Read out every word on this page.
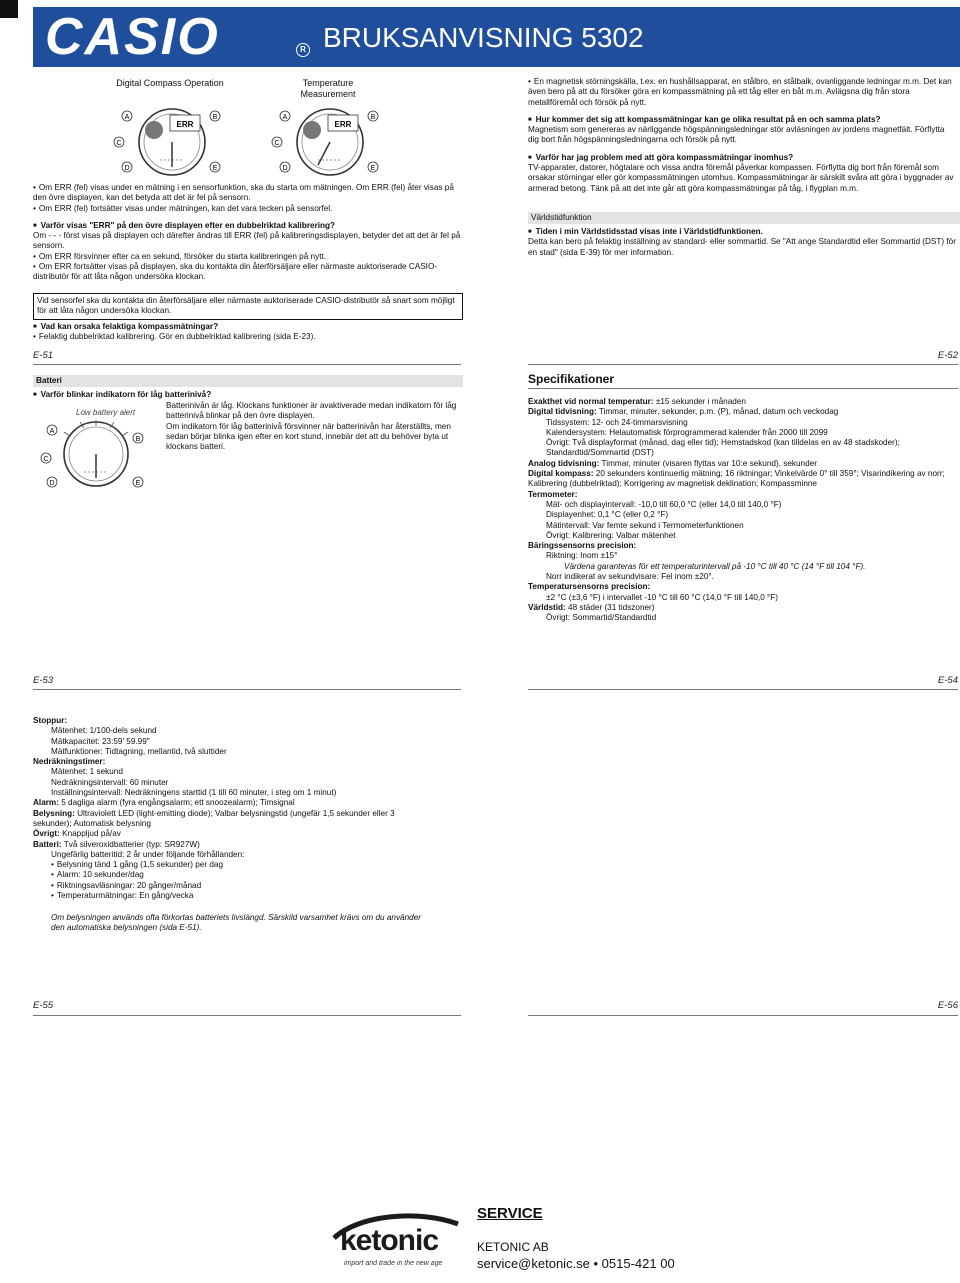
CASIO	R BRUKSANVISNING 5302
Digital Compass Operation	Temperature Measurement
ERR
A	B
C
D	E
ERR
A	B
C
D	E

• Om ERR (fel) visas under en mätning i en sensorfunktion, ska du starta om mätningen. Om ERR (fel) åter visas på den övre displayen, kan det betyda att det är fel på sensorn.

• Om ERR (fel) fortsätter visas under mätningen, kan det vara tecken på sensorfel.

■ Varför visas "ERR" på den övre displayen efter en dubbelriktad kalibrering?

Om - - - först visas på displayen och därefter ändras till ERR (fel) på kalibreringsdisplayen, betyder det att det är fel på sensorn.

• Om ERR försvinner efter ca en sekund, försöker du starta kalibreringen på nytt.

• Om ERR fortsätter visas på displayen, ska du kontakta din återförsäljare eller närmaste auktoriserade CASIO-distributör för att låta någon undersöka klockan.

Vid sensorfel ska du kontakta din återförsäljare eller närmaste auktoriserade CASIO-distributör så snart som möjligt för att låta någon undersöka klockan.

■ Vad kan orsaka felaktiga kompassmätningar?

• Felaktig dubbelriktad kalibrering. Gör en dubbelriktad kalibrering (sida E-23).

E-51

• En magnetisk störningskälla, t.ex. en hushållsapparat, en stålbro, en stålbalk, ovanliggande ledningar m.m. Det kan även bero på att du försöker göra en kompassmätning på ett tåg eller en båt m.m. Avlägsna dig från stora metallföremål och försök på nytt.

■ Hur kommer det sig att kompassmätningar kan ge olika resultat på en och samma plats?

Magnetism som genereras av närliggande högspänningsledningar stör avläsningen av jordens magnetfält. Förflytta dig bort från högspänningsledningarna och försök på nytt.

■ Varför har jag problem med att göra kompassmätningar inomhus?

TV-apparater, datorer, högtalare och vissa andra föremål påverkar kompassen. Förflytta dig bort från föremål som orsakar störningar eller gör kompassmätningen utomhus. Kompassmätningar är särskilt svåra att göra i byggnader av armerad betong. Tänk på att det inte går att göra kompassmätningar på tåg, i flygplan m.m.

Världstidfunktion

■ Tiden i min Världstidsstad visas inte i Världstidfunktionen.

Detta kan bero på felaktig inställning av standard- eller sommartid. Se "Att ange Standardtid eller Sommartid (DST) för en stad" (sida E-39) för mer information.

E-52
Batteri
■ Varför blinkar indikatorn för låg batterinivå?
Low battery alert
A
B
C
D	E

Batterinivån är låg. Klockans funktioner är avaktiverade medan indikatorn för låg batterinivå blinkar på den övre displayen.

Om indikatorn för låg batterinivå försvinner när batterinivån har återställts, men sedan börjar blinka igen efter en kort stund, innebär det att du behöver byta ut klockans batteri.

E-53
Specifikationer

Exakthet vid normal temperatur: ±15 sekunder i månaden

Digital tidvisning: Timmar, minuter, sekunder, p.m. (P), månad, datum och veckodag

Tidssystem: 12- och 24-timmarsvisning

Kalendersystem: Helautomatisk förprogrammerad kalender från 2000 till 2099

Övrigt: Två displayformat (månad, dag eller tid); Hemstadskod (kan tilldelas en av 48 stadskoder); Standardtid/Sommartid (DST)

Analog tidvisning: Timmar, minuter (visaren flyttas var 10:e sekund), sekunder

Digital kompass: 20 sekunders kontinuerlig mätning; 16 riktningar; Vinkelvärde 0° till 359°; Visarindikering av norr; Kalibrering (dubbelriktad); Korrigering av magnetisk deklination; Kompassminne

Termometer:

Mät- och displayintervall: -10,0 till 60,0 °C (eller 14,0 till 140,0 °F)

Displayenhet: 0,1 °C (eller 0,2 °F)

Mätintervall: Var femte sekund i Termometerfunktionen

Övrigt: Kalibrering: Valbar mätenhet

Bäringssensorns precision:

Riktning: Inom ±15°

Värdena garanteras för ett temperaturintervall på -10 °C till 40 °C (14 °F till 104 °F).

Norr indikerat av sekundvisare: Fel inom ±20°.

Temperatursensorns precision:

±2 °C (±3,6 °F) i intervallet -10 °C till 60 °C (14,0 °F till 140,0 °F)

Världstid: 48 städer (31 tidszoner)

Övrigt: Sommartid/Standardtid

E-54

Stoppur:

Mätenhet: 1/100-dels sekund

Mätkapacitet: 23:59' 59.99"

Mätfunktioner: Tidtagning, mellantid, två sluttider

Nedräkningstimer:

Mätenhet: 1 sekund

Nedräkningsintervall: 60 minuter

Inställningsintervall: Nedräkningens starttid (1 till 60 minuter, i steg om 1 minut)

Alarm: 5 dagliga alarm (fyra engångsalarm; ett snoozealarm); Timsignal

Belysning: Ultraviolett LED (light-emitting diode); Valbar belysningstid (ungefär 1,5 sekunder eller 3 sekunder); Automatisk belysning

Övrigt: Knappljud på/av

Batteri: Två silveroxidbatterier (typ: SR927W)

Ungefärlig batteritid: 2 år under följande förhållanden:

• Belysning tänd 1 gång (1,5 sekunder) per dag

• Alarm: 10 sekunder/dag

• Riktningsavläsningar: 20 gånger/månad

• Temperaturmätningar: En gång/vecka

Om belysningen används ofta förkortas batteriets livslängd. Särskild varsamhet krävs om du använder den automatiska belysningen (sida E-51).
E-55	E-56
ketonic
import and trade in the new age
SERVICE
KETONIC AB
service@ketonic.se • 0515-421 00
